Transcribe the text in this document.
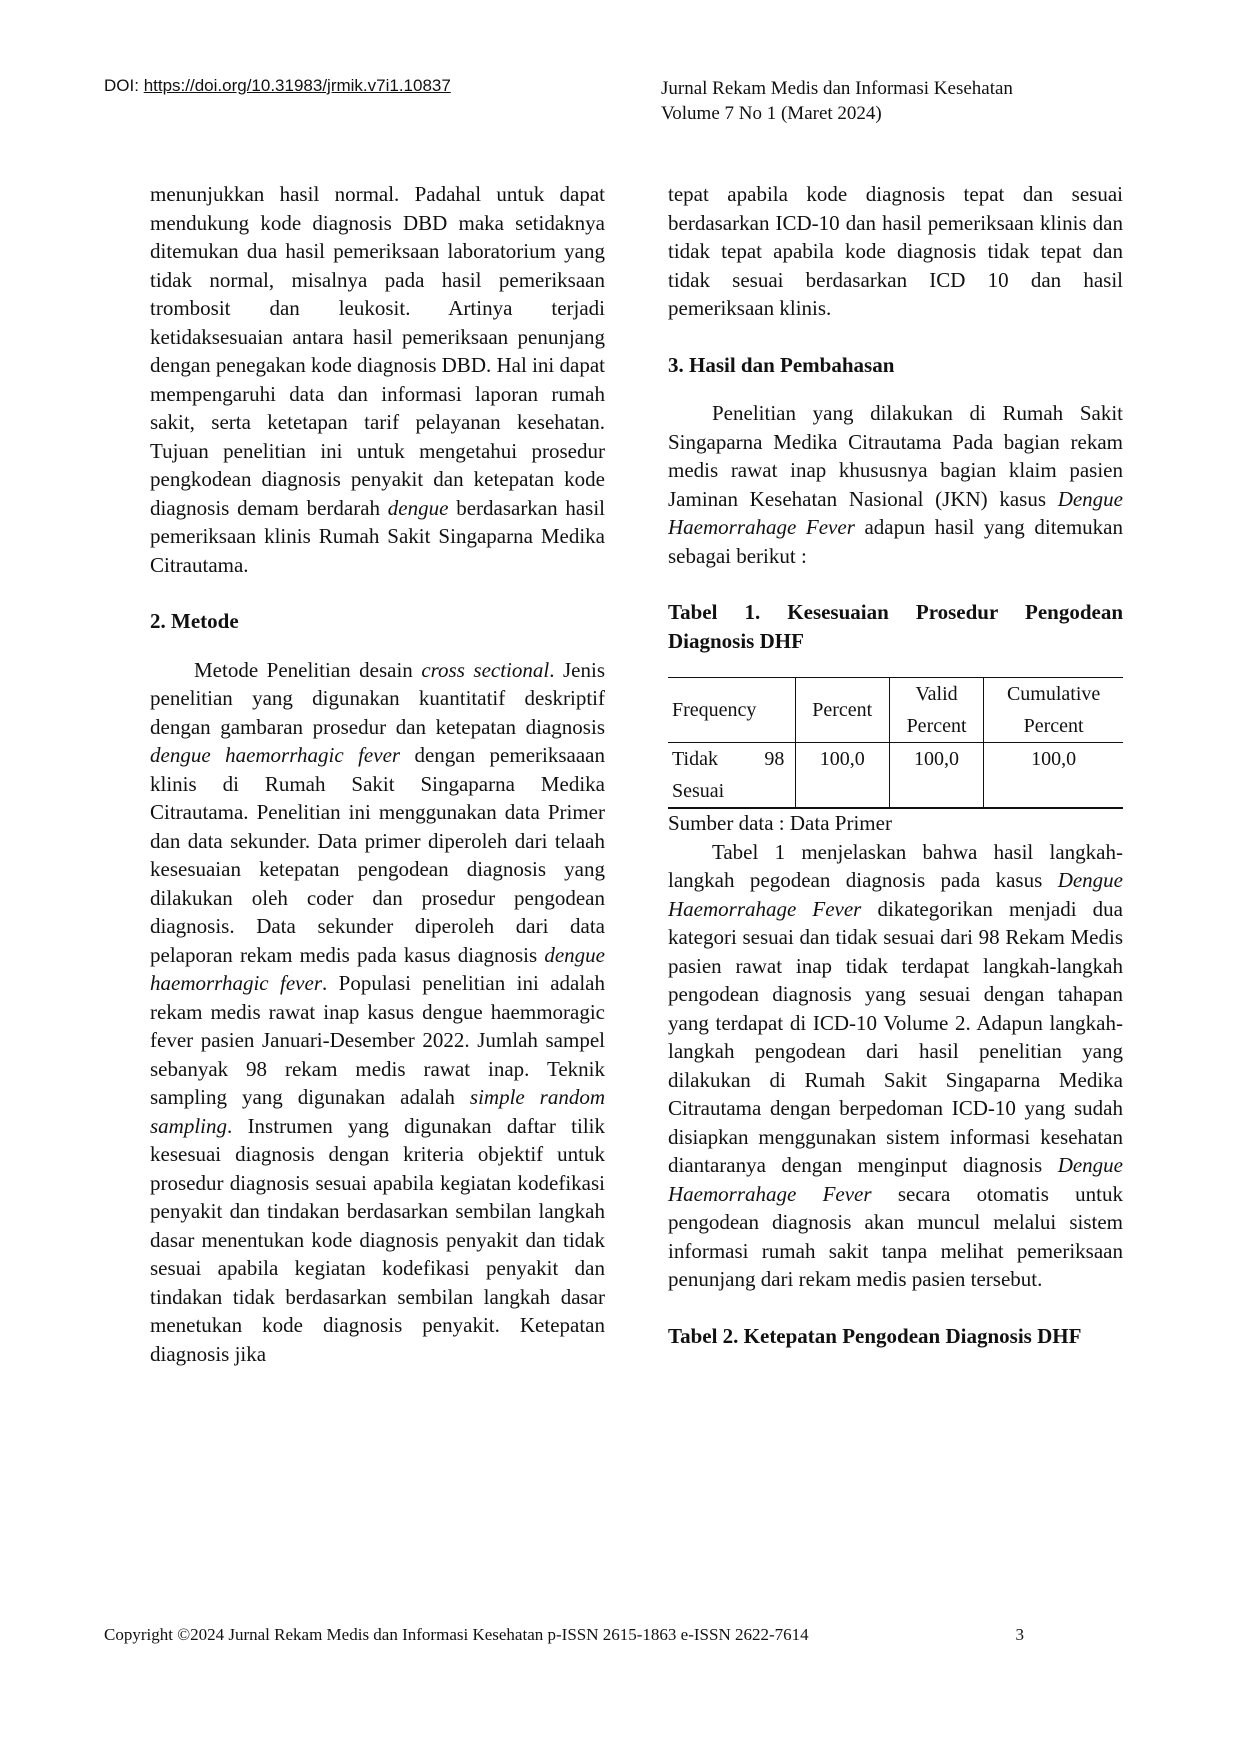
DOI: https://doi.org/10.31983/jrmik.v7i1.10837	Jurnal Rekam Medis dan Informasi Kesehatan
Volume 7 No 1 (Maret 2024)

menunjukkan hasil normal. Padahal untuk dapat mendukung kode diagnosis DBD maka setidaknya ditemukan dua hasil pemeriksaan laboratorium yang tidak normal, misalnya pada hasil pemeriksaan trombosit dan leukosit. Artinya terjadi ketidaksesuaian antara hasil pemeriksaan penunjang dengan penegakan kode diagnosis DBD. Hal ini dapat mempengaruhi data dan informasi laporan rumah sakit, serta ketetapan tarif pelayanan kesehatan. Tujuan penelitian ini untuk mengetahui prosedur pengkodean diagnosis penyakit dan ketepatan kode diagnosis demam berdarah dengue berdasarkan hasil pemeriksaan klinis Rumah Sakit Singaparna Medika Citrautama.

2. Metode

Metode Penelitian desain cross sectional. Jenis penelitian yang digunakan kuantitatif deskriptif dengan gambaran prosedur dan ketepatan diagnosis dengue haemorrhagic fever dengan pemeriksaaan klinis di Rumah Sakit Singaparna Medika Citrautama. Penelitian ini menggunakan data Primer dan data sekunder. Data primer diperoleh dari telaah kesesuaian ketepatan pengodean diagnosis yang dilakukan oleh coder dan prosedur pengodean diagnosis. Data sekunder diperoleh dari data pelaporan rekam medis pada kasus diagnosis dengue haemorrhagic fever. Populasi penelitian ini adalah rekam medis rawat inap kasus dengue haemmoragic fever pasien Januari-Desember 2022. Jumlah sampel sebanyak 98 rekam medis rawat inap. Teknik sampling yang digunakan adalah simple random sampling. Instrumen yang digunakan daftar tilik kesesuai diagnosis dengan kriteria objektif untuk prosedur diagnosis sesuai apabila kegiatan kodefikasi penyakit dan tindakan berdasarkan sembilan langkah dasar menentukan kode diagnosis penyakit dan tidak sesuai apabila kegiatan kodefikasi penyakit dan tindakan tidak berdasarkan sembilan langkah dasar menetukan kode diagnosis penyakit. Ketepatan diagnosis jika

tepat apabila kode diagnosis tepat dan sesuai berdasarkan ICD-10 dan hasil pemeriksaan klinis dan tidak tepat apabila kode diagnosis tidak tepat dan tidak sesuai berdasarkan ICD 10 dan hasil pemeriksaan klinis.

3. Hasil dan Pembahasan

Penelitian yang dilakukan di Rumah Sakit Singaparna Medika Citrautama Pada bagian rekam medis rawat inap khususnya bagian klaim pasien Jaminan Kesehatan Nasional (JKN) kasus Dengue Haemorrahage Fever adapun hasil yang ditemukan sebagai berikut :

Tabel 1. Kesesuaian Prosedur Pengodean Diagnosis DHF

Frequency		Percent	Valid	Cumulative
			Percent	Percent
Tidak
Sesuai	98	100,0	100,0	100,0

Sumber data : Data Primer

Tabel 1 menjelaskan bahwa hasil langkah-langkah pegodean diagnosis pada kasus Dengue Haemorrahage Fever dikategorikan menjadi dua kategori sesuai dan tidak sesuai dari 98 Rekam Medis pasien rawat inap tidak terdapat langkah-langkah pengodean diagnosis yang sesuai dengan tahapan yang terdapat di ICD-10 Volume 2. Adapun langkah-langkah pengodean dari hasil penelitian yang dilakukan di Rumah Sakit Singaparna Medika Citrautama dengan berpedoman ICD-10 yang sudah disiapkan menggunakan sistem informasi kesehatan diantaranya dengan menginput diagnosis Dengue Haemorrahage Fever secara otomatis untuk pengodean diagnosis akan muncul melalui sistem informasi rumah sakit tanpa melihat pemeriksaan penunjang dari rekam medis pasien tersebut.

Tabel 2. Ketepatan Pengodean Diagnosis DHF

Copyright ©2024 Jurnal Rekam Medis dan Informasi Kesehatan p-ISSN 2615-1863 e-ISSN 2622-7614	3
